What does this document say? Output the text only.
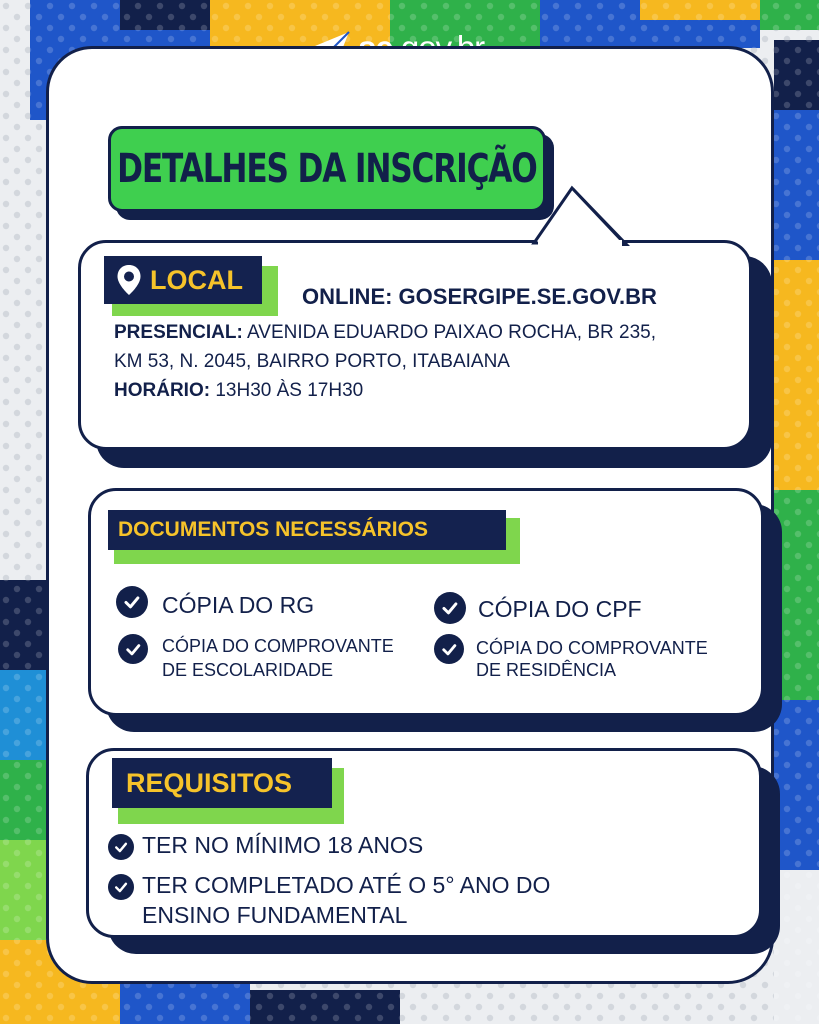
DETALHES DA INSCRIÇÃO
LOCAL
ONLINE: GOSERGIPE.SE.GOV.BR
PRESENCIAL: AVENIDA EDUARDO PAIXAO ROCHA, BR 235,
KM 53, N. 2045, BAIRRO PORTO, ITABAIANA
HORÁRIO: 13H30 ÀS 17H30
DOCUMENTOS NECESSÁRIOS
CÓPIA DO RG	CÓPIA DO CPF
CÓPIA DO COMPROVANTE
DE ESCOLARIDADE
CÓPIA DO COMPROVANTE
DE RESIDÊNCIA
REQUISITOS
TER NO MÍNIMO 18 ANOS
TER COMPLETADO ATÉ O 5° ANO DO
ENSINO FUNDAMENTAL
